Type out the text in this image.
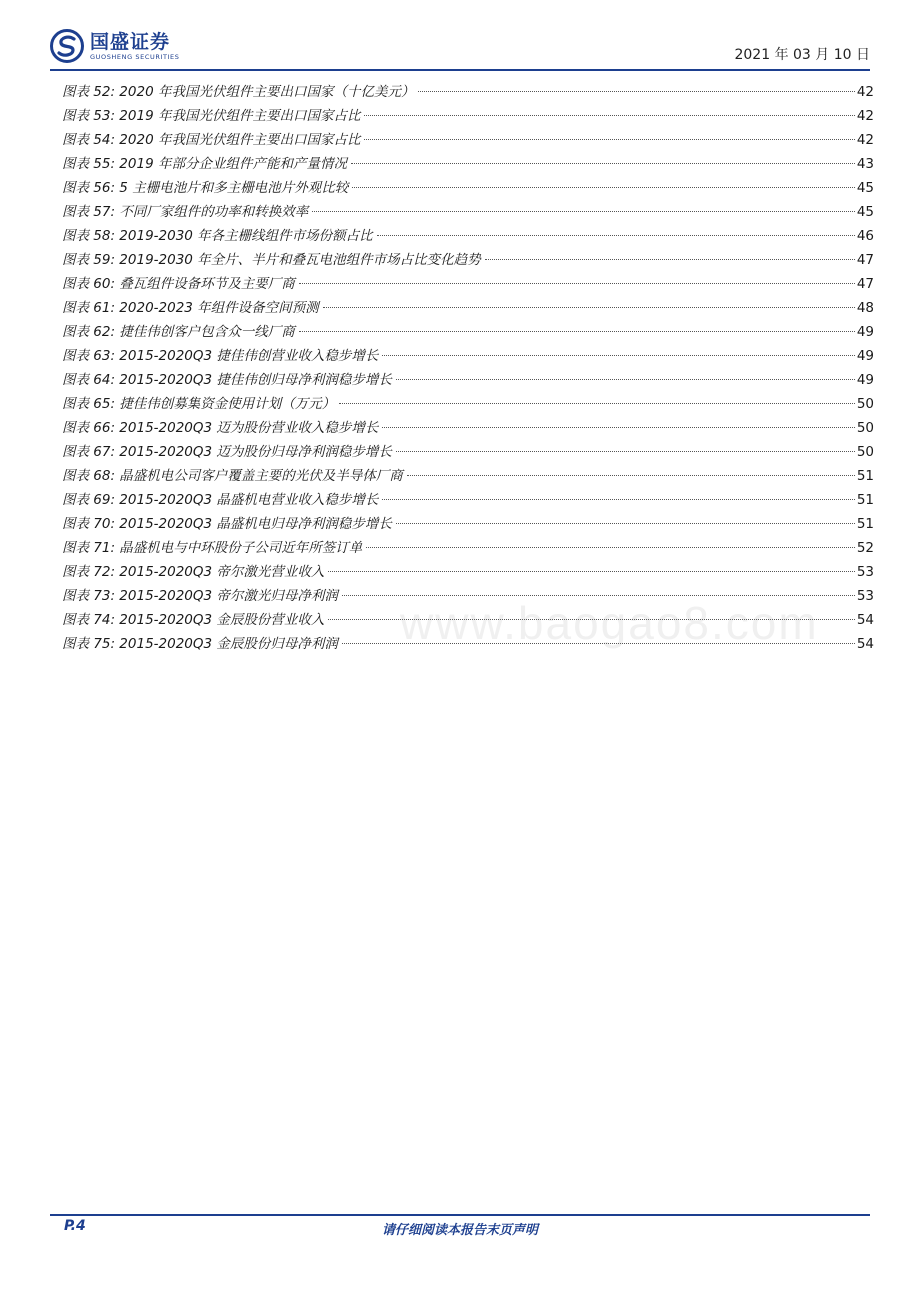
国盛证券
GUOSHENG SECURITIES	2021 年 03 月 10 日
图表 52: 2020 年我国光伏组件主要出口国家（十亿美元）	42
图表 53: 2019 年我国光伏组件主要出口国家占比	42
图表 54: 2020 年我国光伏组件主要出口国家占比	42
图表 55: 2019 年部分企业组件产能和产量情况	43
图表 56: 5 主栅电池片和多主栅电池片外观比较	45
图表 57: 不同厂家组件的功率和转换效率	45
图表 58: 2019-2030 年各主栅线组件市场份额占比	46
图表 59: 2019-2030 年全片、半片和叠瓦电池组件市场占比变化趋势	47
图表 60: 叠瓦组件设备环节及主要厂商	47
图表 61: 2020-2023 年组件设备空间预测	48
图表 62: 捷佳伟创客户包含众一线厂商	49
图表 63: 2015-2020Q3 捷佳伟创营业收入稳步增长	49
图表 64: 2015-2020Q3 捷佳伟创归母净利润稳步增长	49
图表 65: 捷佳伟创募集资金使用计划（万元）	50
图表 66: 2015-2020Q3 迈为股份营业收入稳步增长	50
图表 67: 2015-2020Q3 迈为股份归母净利润稳步增长	50
图表 68: 晶盛机电公司客户覆盖主要的光伏及半导体厂商	51
图表 69: 2015-2020Q3 晶盛机电营业收入稳步增长	51
图表 70: 2015-2020Q3 晶盛机电归母净利润稳步增长	51
图表 71: 晶盛机电与中环股份子公司近年所签订单	52
图表 72: 2015-2020Q3 帝尔激光营业收入	53
图表 73: 2015-2020Q3 帝尔激光归母净利润	53
图表 74: 2015-2020Q3 金辰股份营业收入	54
图表 75: 2015-2020Q3 金辰股份归母净利润	54
www.baogao8.com
P.4	请仔细阅读本报告末页声明
